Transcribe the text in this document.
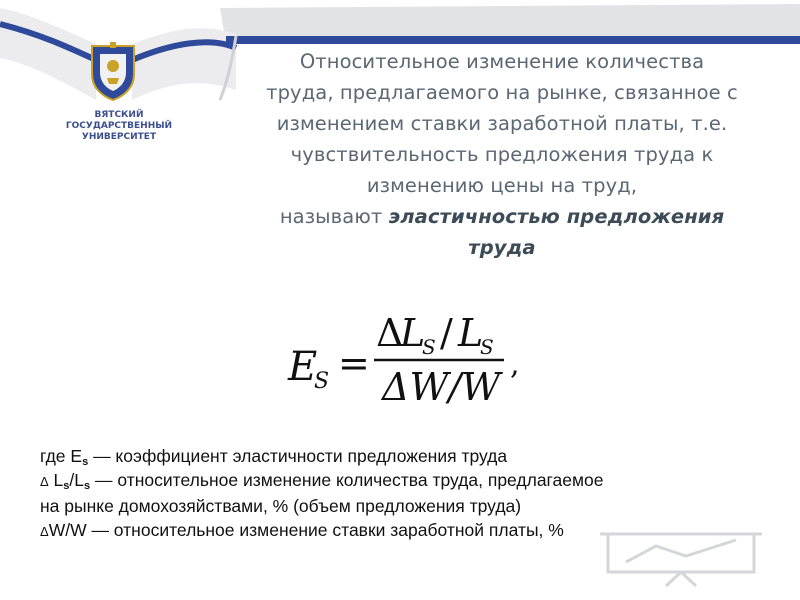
ВЯТСКИЙ
ГОСУДАРСТВЕННЫЙ
УНИВЕРСИТЕТ
Относительное изменение количества
труда, предлагаемого на рынке, связанное с
изменением ставки заработной платы, т.е.
чувствительность предложения труда к
изменению цены на труд,
называют эластичностью предложения
труда
E
S =
Δ
L
S / L
S
ΔW/W
,
где $E_s$ — коэффициент эластичности предложения труда
Δ $L_s/L_s$ — относительное изменение количества труда, предлагаемое
на рынке домохозяйствами, % (объем предложения труда)
ΔW/W — относительное изменение ставки заработной платы, %
